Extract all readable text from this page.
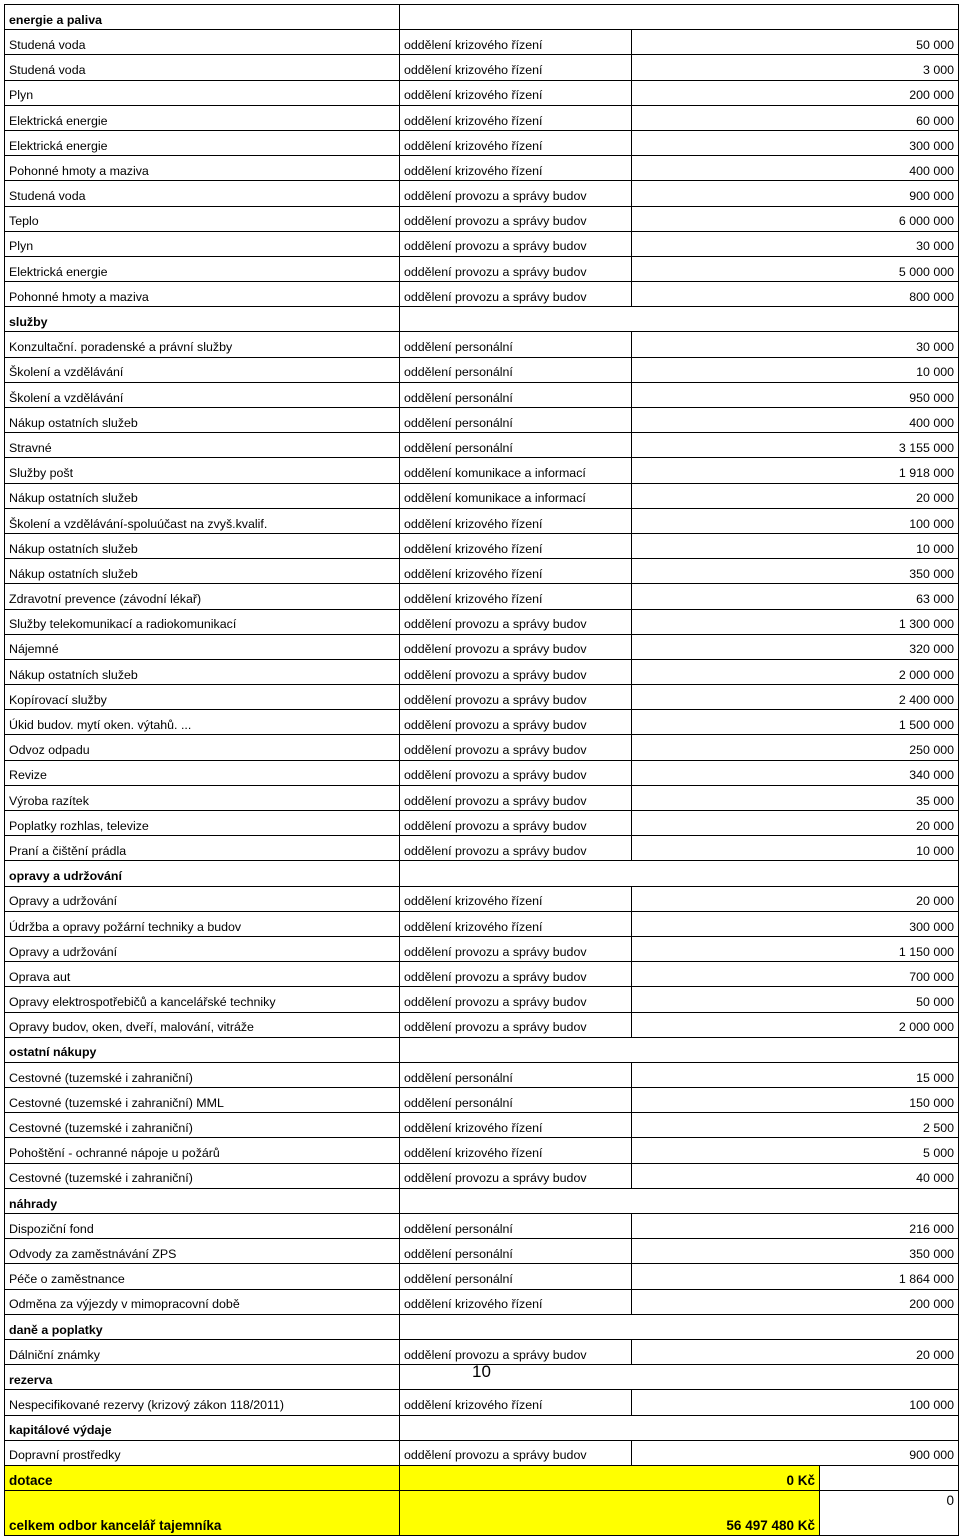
energie a paliva			
Studená voda	oddělení krizového řízení	50 000	
Studená voda	oddělení krizového řízení	3 000	
Plyn	oddělení krizového řízení	200 000	
Elektrická energie	oddělení krizového řízení	60 000	
Elektrická energie	oddělení krizového řízení	300 000	
Pohonné hmoty a maziva	oddělení krizového řízení	400 000	
Studená voda	oddělení provozu a správy budov	900 000	
Teplo	oddělení provozu a správy budov	6 000 000	
Plyn	oddělení provozu a správy budov	30 000	
Elektrická energie	oddělení provozu a správy budov	5 000 000	
Pohonné hmoty a maziva	oddělení provozu a správy budov	800 000	
služby			
Konzultační. poradenské a právní služby	oddělení personální	30 000	
Školení a vzdělávání	oddělení personální	10 000	
Školení a vzdělávání	oddělení personální	950 000	
Nákup ostatních služeb	oddělení personální	400 000	
Stravné	oddělení personální	3 155 000	
Služby pošt	oddělení komunikace a informací	1 918 000	
Nákup ostatních služeb	oddělení komunikace a informací	20 000	
Školení a vzdělávání-spoluúčast na zvyš.kvalif.	oddělení krizového řízení	100 000	
Nákup ostatních služeb	oddělení krizového řízení	10 000	
Nákup ostatních služeb	oddělení krizového řízení	350 000	
Zdravotní prevence (závodní lékař)	oddělení krizového řízení	63 000	
Služby telekomunikací a radiokomunikací	oddělení provozu a správy budov	1 300 000	
Nájemné	oddělení provozu a správy budov	320 000	
Nákup ostatních služeb	oddělení provozu a správy budov	2 000 000	
Kopírovací služby	oddělení provozu a správy budov	2 400 000	
Úkid budov. mytí oken. výtahů. ...	oddělení provozu a správy budov	1 500 000	
Odvoz odpadu	oddělení provozu a správy budov	250 000	
Revize	oddělení provozu a správy budov	340 000	
Výroba razítek	oddělení provozu a správy budov	35 000	
Poplatky rozhlas, televize	oddělení provozu a správy budov	20 000	
Praní a čištění prádla	oddělení provozu a správy budov	10 000	
opravy a udržování			
Opravy a udržování	oddělení krizového řízení	20 000	
Údržba a opravy požární techniky a budov	oddělení krizového řízení	300 000	
Opravy a udržování	oddělení provozu a správy budov	1 150 000	
Oprava aut	oddělení provozu a správy budov	700 000	
Opravy elektrospotřebičů a kancelářské techniky	oddělení provozu a správy budov	50 000	
Opravy budov, oken, dveří, malování, vitráže	oddělení provozu a správy budov	2 000 000	
ostatní nákupy			
Cestovné (tuzemské i zahraniční)	oddělení personální	15 000	
Cestovné (tuzemské i zahraniční) MML	oddělení personální	150 000	
Cestovné (tuzemské i zahraniční)	oddělení krizového řízení	2 500	
Pohoštění - ochranné nápoje u požárů	oddělení krizového řízení	5 000	
Cestovné (tuzemské i zahraniční)	oddělení provozu a správy budov	40 000	
náhrady			
Dispoziční fond	oddělení personální	216 000	
Odvody za zaměstnávání ZPS	oddělení personální	350 000	
Péče o zaměstnance	oddělení personální	1 864 000	
Odměna za výjezdy v mimopracovní době	oddělení krizového řízení	200 000	
daně a poplatky			
Dálniční známky	oddělení provozu a správy budov	20 000	
rezerva			
Nespecifikované rezervy (krizový zákon 118/2011)	oddělení krizového řízení	100 000	
kapitálové výdaje			
Dopravní prostředky	oddělení provozu a správy budov	900 000	
dotace	0 Kč		
celkem odbor kancelář tajemníka	56 497 480 Kč		0
10
